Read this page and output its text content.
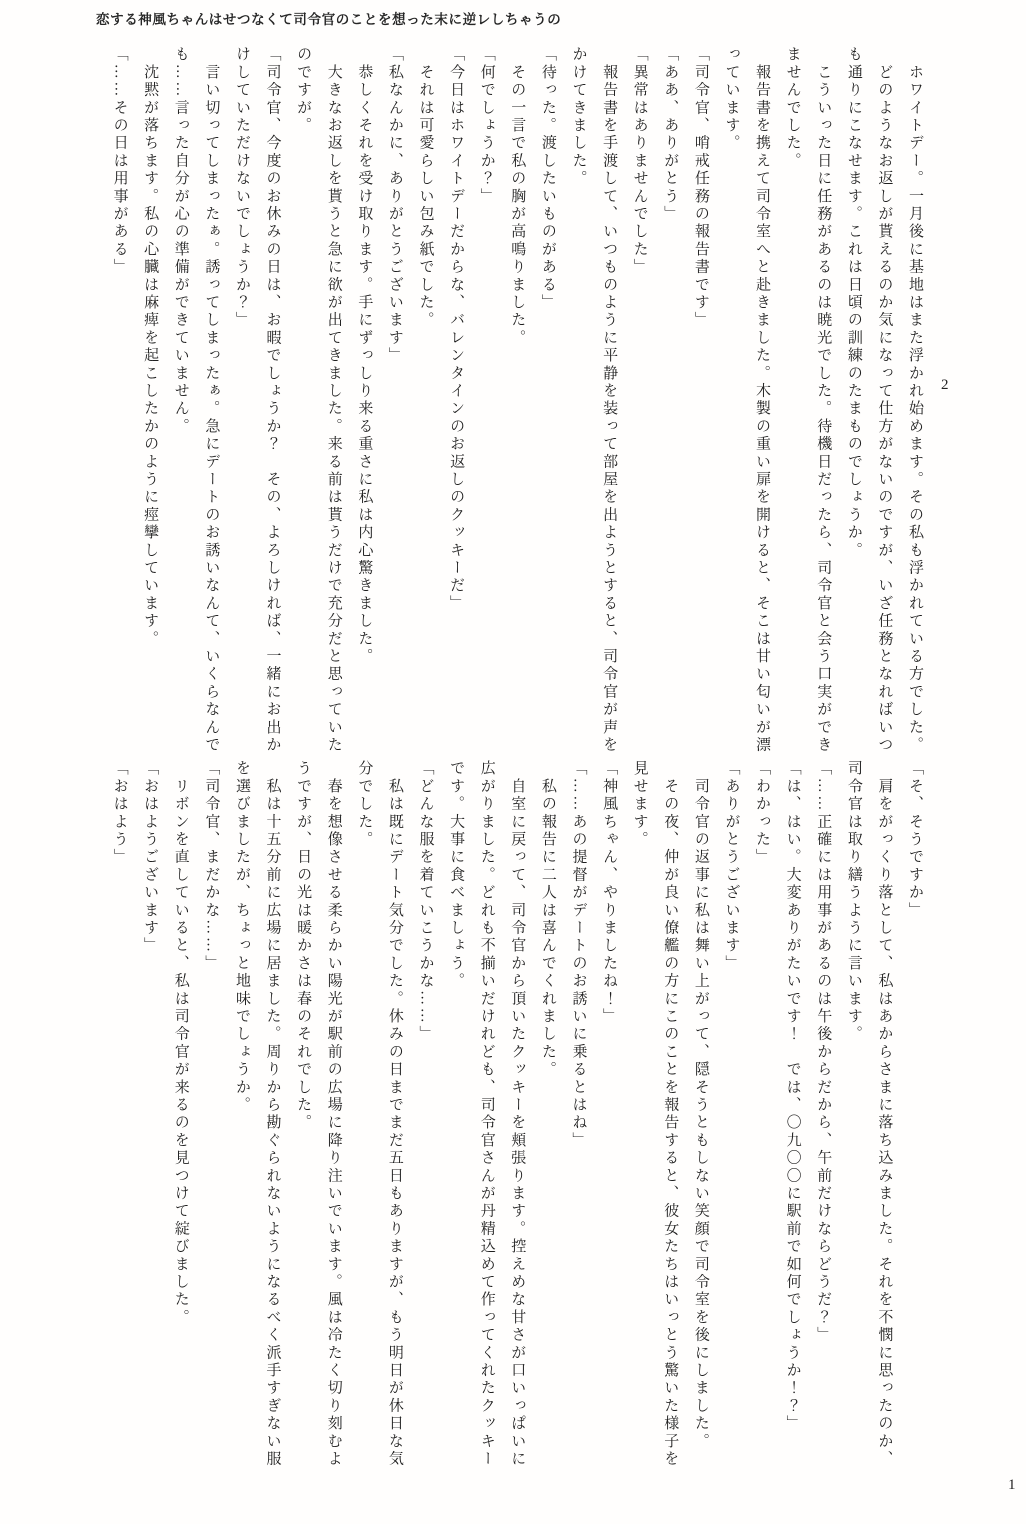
恋する神風ちゃんはせつなくて司令官のことを想った末に逆レしちゃうの
2

　ホワイトデー。一月後に基地はまた浮かれ始めます。その私も浮かれている方でした。

　どのようなお返しが貰えるのか気になって仕方がないのですが、いざ任務となればいつも通りにこなせます。これは日頃の訓練のたまものでしょうか。

　こういった日に任務があるのは暁光でした。待機日だったら、司令官と会う口実ができませんでした。

　報告書を携えて司令室へと赴きました。木製の重い扉を開けると、そこは甘い匂いが漂っています。

「司令官、哨戒任務の報告書です」

「ああ、ありがとう」

「異常はありませんでした」

　報告書を手渡して、いつものように平静を装って部屋を出ようとすると、司令官が声をかけてきました。

「待った。渡したいものがある」

　その一言で私の胸が高鳴りました。

「何でしょうか？」

「今日はホワイトデーだからな、バレンタインのお返しのクッキーだ」

　それは可愛らしい包み紙でした。

「私なんかに、ありがとうございます」

　恭しくそれを受け取ります。手にずっしり来る重さに私は内心驚きました。

　大きなお返しを貰うと急に欲が出てきました。来る前は貰うだけで充分だと思っていたのですが。

「司令官、今度のお休みの日は、お暇でしょうか？　その、よろしければ、一緒にお出かけしていただけないでしょうか？」

　言い切ってしまったぁ。誘ってしまったぁ。急にデートのお誘いなんて、いくらなんでも……言った自分が心の準備ができていません。

　沈黙が落ちます。私の心臓は麻痺を起こしたかのように痙攣しています。

「……その日は用事がある」

「そ、そうですか」

　肩をがっくり落として、私はあからさまに落ち込みました。それを不憫に思ったのか、司令官は取り繕うように言います。

「……正確には用事があるのは午後からだから、午前だけならどうだ？」

「は、はい。大変ありがたいです！　では、〇九〇〇に駅前で如何でしょうか！？」

「わかった」

「ありがとうございます」

　司令官の返事に私は舞い上がって、隠そうともしない笑顔で司令室を後にしました。

　その夜、仲が良い僚艦の方にこのことを報告すると、彼女たちはいっとう驚いた様子を見せます。

「神風ちゃん、やりましたね！」

「……あの提督がデートのお誘いに乗るとはね」

　私の報告に二人は喜んでくれました。

　自室に戻って、司令官から頂いたクッキーを頬張ります。控えめな甘さが口いっぱいに広がりました。どれも不揃いだけれども、司令官さんが丹精込めて作ってくれたクッキーです。大事に食べましょう。

「どんな服を着ていこうかな……」

　私は既にデート気分でした。休みの日までまだ五日もありますが、もう明日が休日な気分でした。

　春を想像させる柔らかい陽光が駅前の広場に降り注いでいます。風は冷たく切り刻むようですが、日の光は暖かさは春のそれでした。

　私は十五分前に広場に居ました。周りから勘ぐられないようになるべく派手すぎない服を選びましたが、ちょっと地味でしょうか。

「司令官、まだかな……」

　リボンを直していると、私は司令官が来るのを見つけて綻びました。

「おはようございます」

「おはよう」

1
